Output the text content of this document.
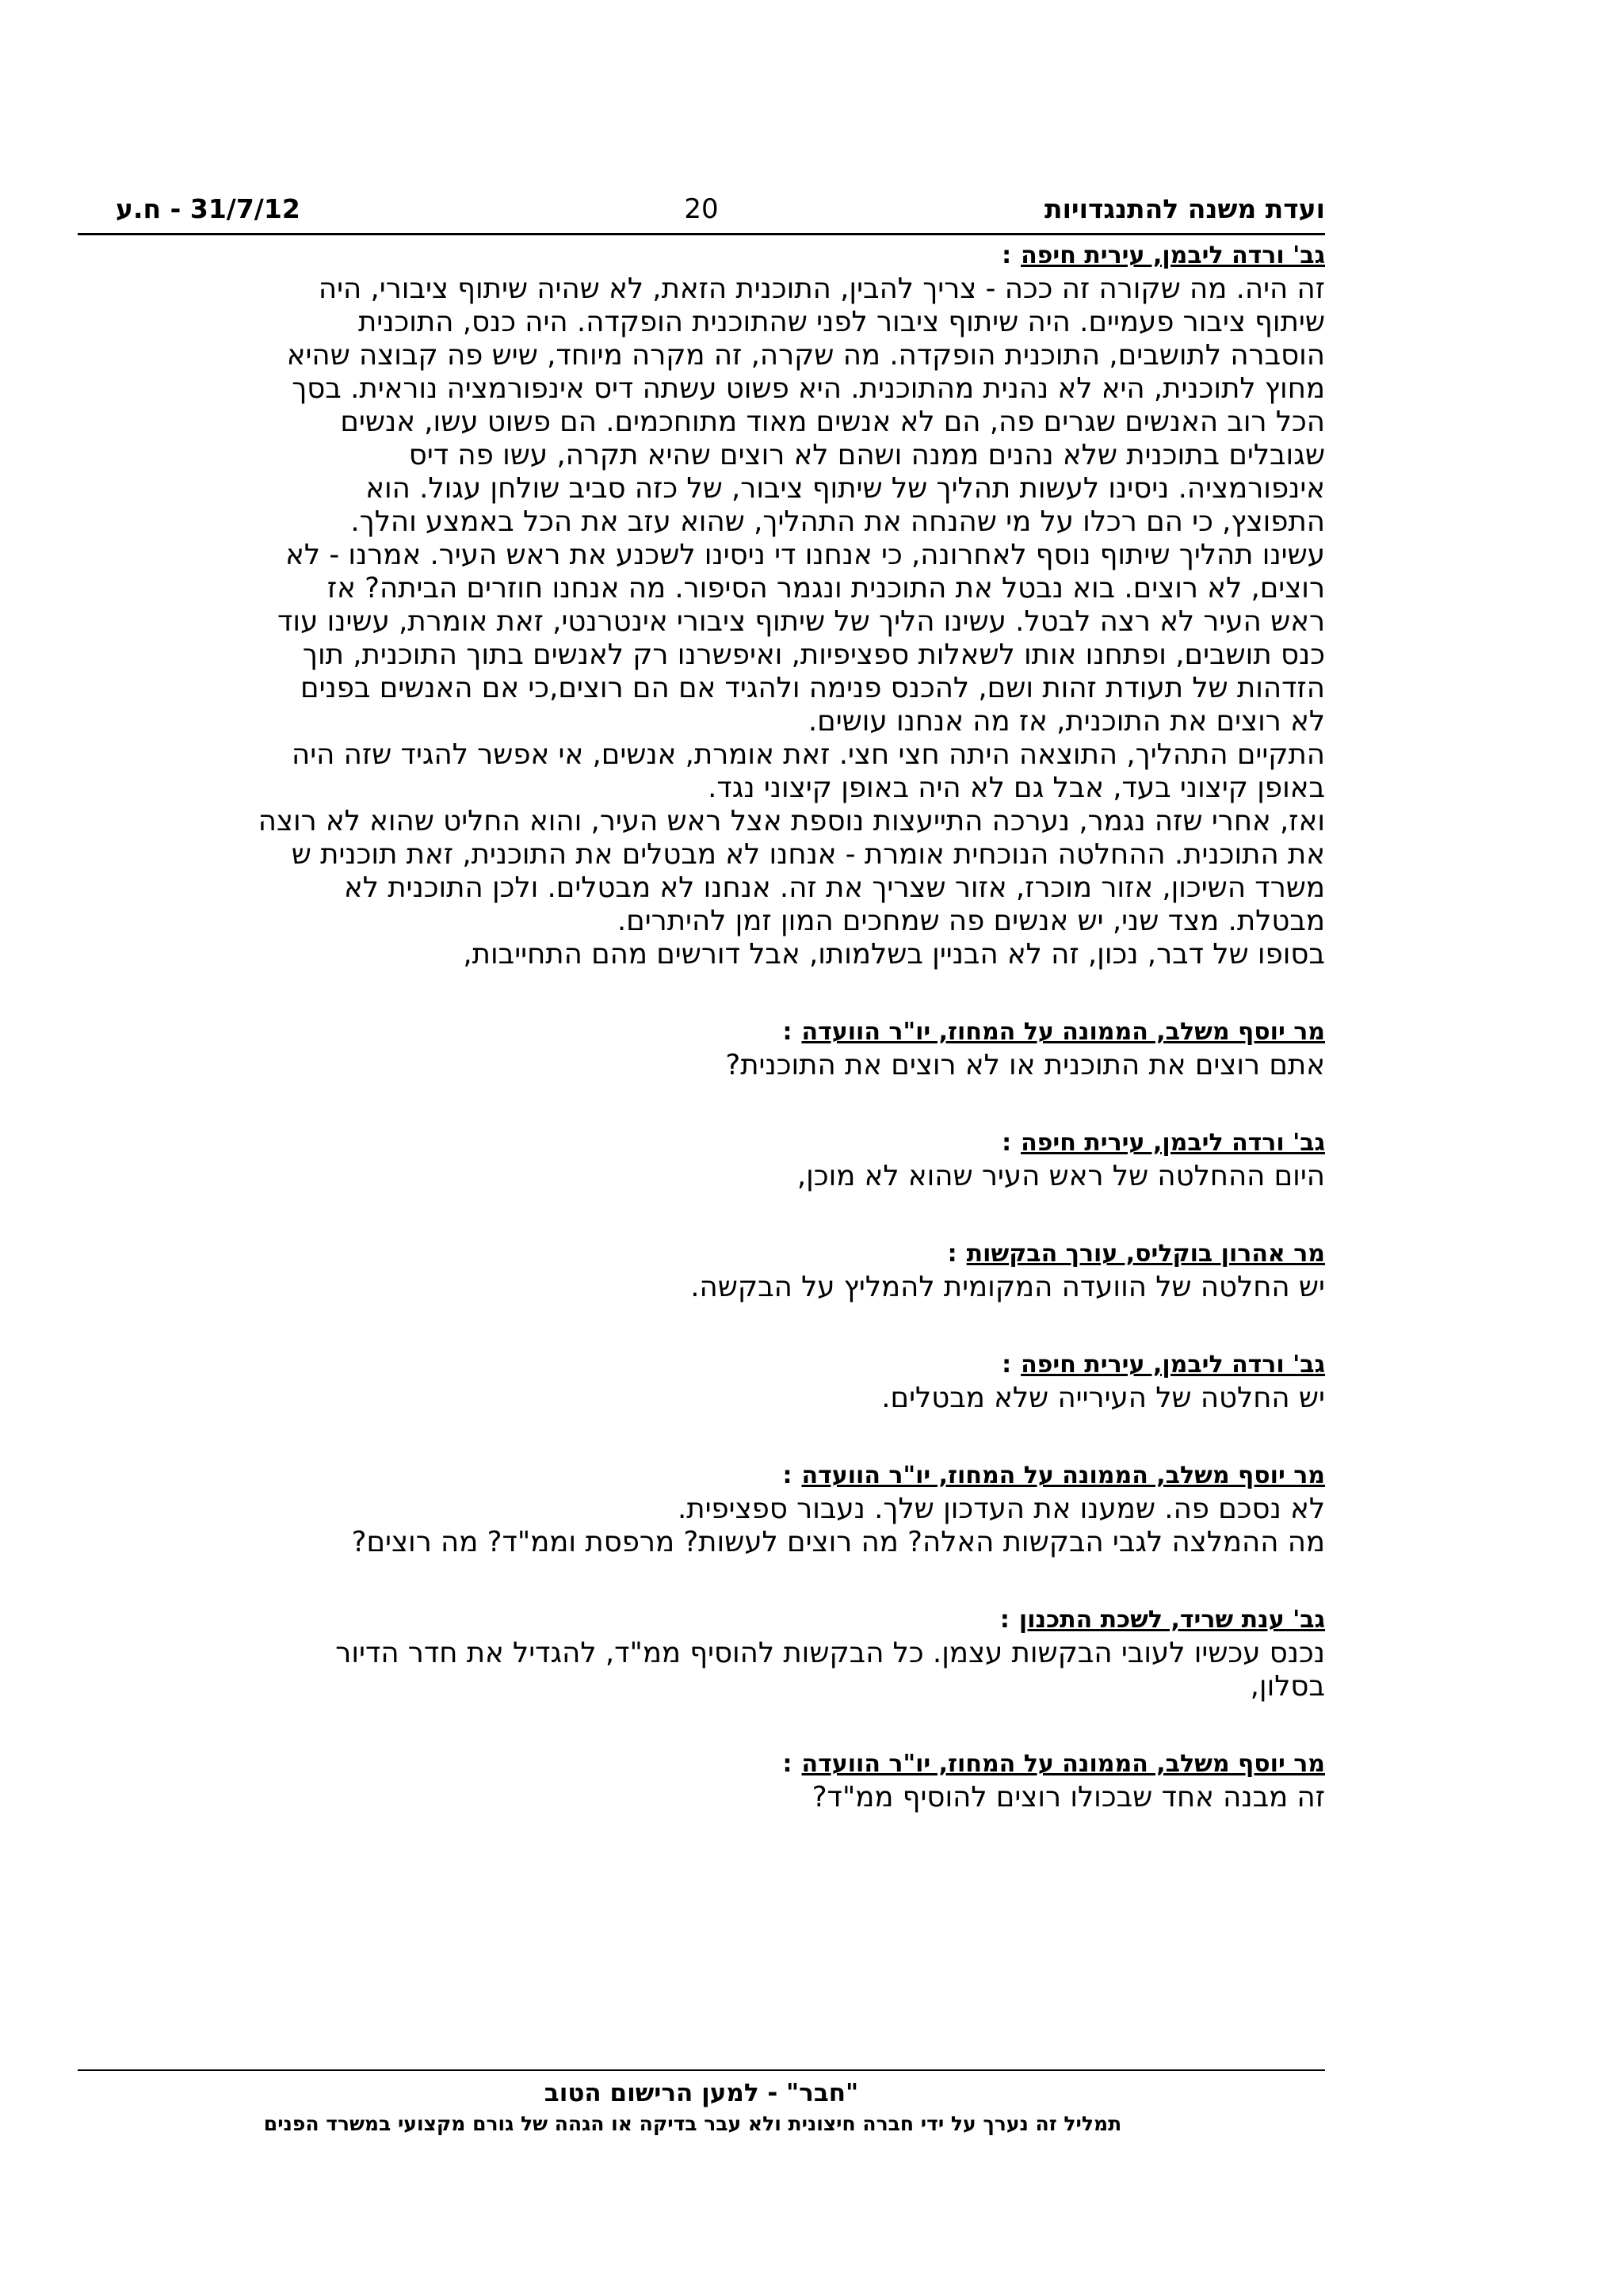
ועדת משנה להתנגדויות
20
31/7/12 - ח.ע

גב' ורדה ליבמן, עירית חיפה:

זה היה. מה שקורה זה ככה - צריך להבין, התוכנית הזאת, לא שהיה שיתוף ציבורי, היה
שיתוף ציבור פעמיים. היה שיתוף ציבור לפני שהתוכנית הופקדה. היה כנס, התוכנית
הוסברה לתושבים, התוכנית הופקדה. מה שקרה, זה מקרה מיוחד, שיש פה קבוצה שהיא
מחוץ לתוכנית, היא לא נהנית מהתוכנית. היא פשוט עשתה דיס אינפורמציה נוראית. בסך
הכל רוב האנשים שגרים פה, הם לא אנשים מאוד מתוחכמים. הם פשוט עשו, אנשים
שגובלים בתוכנית שלא נהנים ממנה ושהם לא רוצים שהיא תקרה, עשו פה דיס
אינפורמציה. ניסינו לעשות תהליך של שיתוף ציבור, של כזה סביב שולחן עגול. הוא
התפוצץ, כי הם רכלו על מי שהנחה את התהליך, שהוא עזב את הכל באמצע והלך.
עשינו תהליך שיתוף נוסף לאחרונה, כי אנחנו די ניסינו לשכנע את ראש העיר. אמרנו - לא
רוצים, לא רוצים. בוא נבטל את התוכנית ונגמר הסיפור. מה אנחנו חוזרים הביתה? אז
ראש העיר לא רצה לבטל. עשינו הליך של שיתוף ציבורי אינטרנטי, זאת אומרת, עשינו עוד
כנס תושבים, ופתחנו אותו לשאלות ספציפיות, ואיפשרנו רק לאנשים בתוך התוכנית, תוך
הזדהות של תעודת זהות ושם, להכנס פנימה ולהגיד אם הם רוצים,כי אם האנשים בפנים
לא רוצים את התוכנית, אז מה אנחנו עושים.
התקיים התהליך, התוצאה היתה חצי חצי. זאת אומרת, אנשים, אי אפשר להגיד שזה היה
באופן קיצוני בעד, אבל גם לא היה באופן קיצוני נגד.
ואז, אחרי שזה נגמר, נערכה התייעצות נוספת אצל ראש העיר, והוא החליט שהוא לא רוצה
את התוכנית. ההחלטה הנוכחית אומרת - אנחנו לא מבטלים את התוכנית, זאת תוכנית ש
משרד השיכון, אזור מוכרז, אזור שצריך את זה. אנחנו לא מבטלים. ולכן התוכנית לא
מבטלת. מצד שני, יש אנשים פה שמחכים המון זמן להיתרים.
בסופו של דבר, נכון, זה לא הבניין בשלמותו, אבל דורשים מהם התחייבות,

מר יוסף משלב, הממונה על המחוז, יו"ר הוועדה:

אתם רוצים את התוכנית או לא רוצים את התוכנית?

גב' ורדה ליבמן, עירית חיפה:

היום ההחלטה של ראש העיר שהוא לא מוכן,

מר אהרון בוקליס, עורך הבקשות:

יש החלטה של הוועדה המקומית להמליץ על הבקשה.

גב' ורדה ליבמן, עירית חיפה:

יש החלטה של העירייה שלא מבטלים.

מר יוסף משלב, הממונה על המחוז, יו"ר הוועדה:

לא נסכם פה. שמענו את העדכון שלך. נעבור ספציפית.
מה ההמלצה לגבי הבקשות האלה? מה רוצים לעשות? מרפסת וממ"ד? מה רוצים?

גב' ענת שריד, לשכת התכנון:

נכנס עכשיו לעובי הבקשות עצמן. כל הבקשות להוסיף ממ"ד, להגדיל את חדר הדיור
בסלון,

מר יוסף משלב, הממונה על המחוז, יו"ר הוועדה:

זה מבנה אחד שבכולו רוצים להוסיף ממ"ד?

"חבר" - למען הרישום הטוב
תמליל זה נערך על ידי חברה חיצונית ולא עבר בדיקה או הגהה של גורם מקצועי במשרד הפנים
